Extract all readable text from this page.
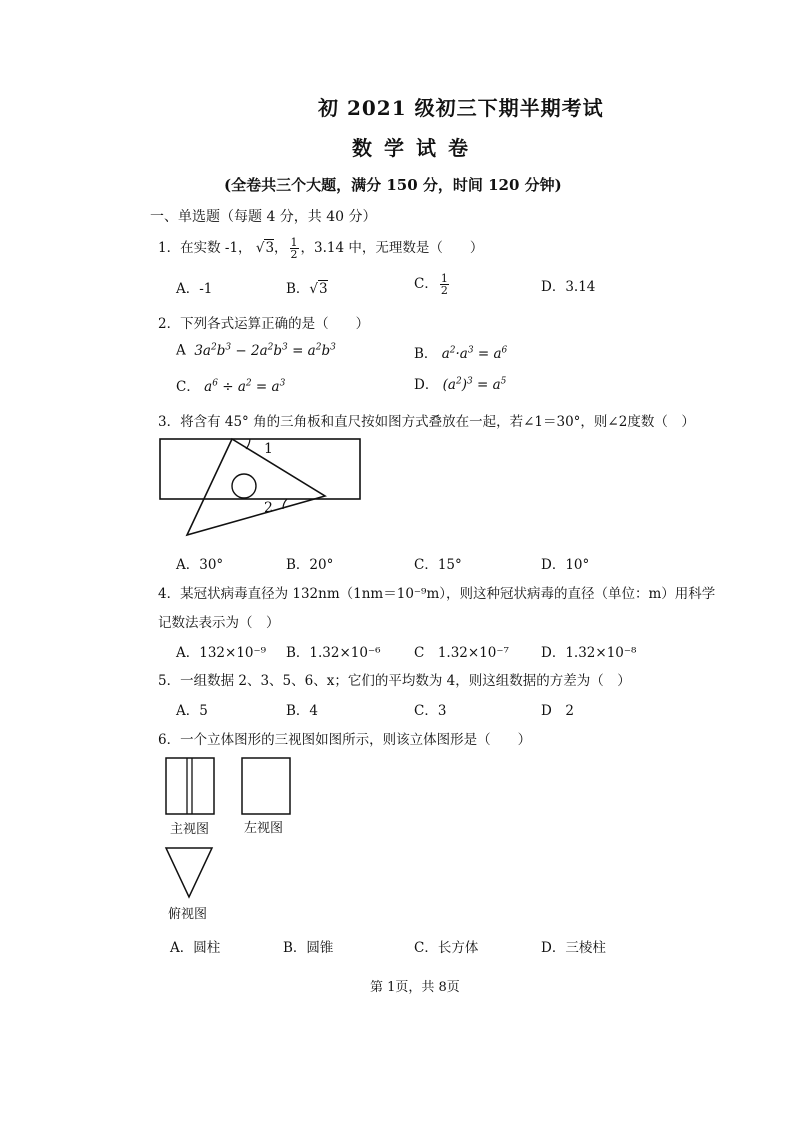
初 2021 级初三下期半期考试
数学试卷
(全卷共三个大题，满分 150 分，时间 120 分钟)
一、单选题（每题 4 分，共 40 分）
1．在实数 -1， √3， $\frac{1}{2}$ ，3.14 中，无理数是（　　）
A．-1	B．√3	C． $\frac{1}{2}$	D．3.14
2．下列各式运算正确的是（　　）
A $3a^2b^3 - 2a^2b^3 = a^2b^3$	B． $a^2\cdot a^3 = a^6$
C． $a^6 \div a^2 = a^3$	D． $(a^2)^3 = a^5$
3．将含有 45° 角的三角板和直尺按如图方式叠放在一起，若∠1＝30°，则∠2度数（　）
1
2
A．30°	B．20°	C．15°	D．10°
4．某冠状病毒直径为 132nm（1nm＝10⁻⁹m），则这种冠状病毒的直径（单位：m）用科学
记数法表示为（　）
A．132×10⁻⁹ B．1.32×10⁻⁶ C　1.32×10⁻⁷ D．1.32×10⁻⁸
5．一组数据 2、3、5、6、x；它们的平均数为 4，则这组数据的方差为（　）
A．5	B．4	C．3	D　2
6．一个立体图形的三视图如图所示，则该立体图形是（　　）
主视图	左视图
俯视图
A．圆柱	B．圆锥	C．长方体	D．三棱柱
第 1页，共 8页
